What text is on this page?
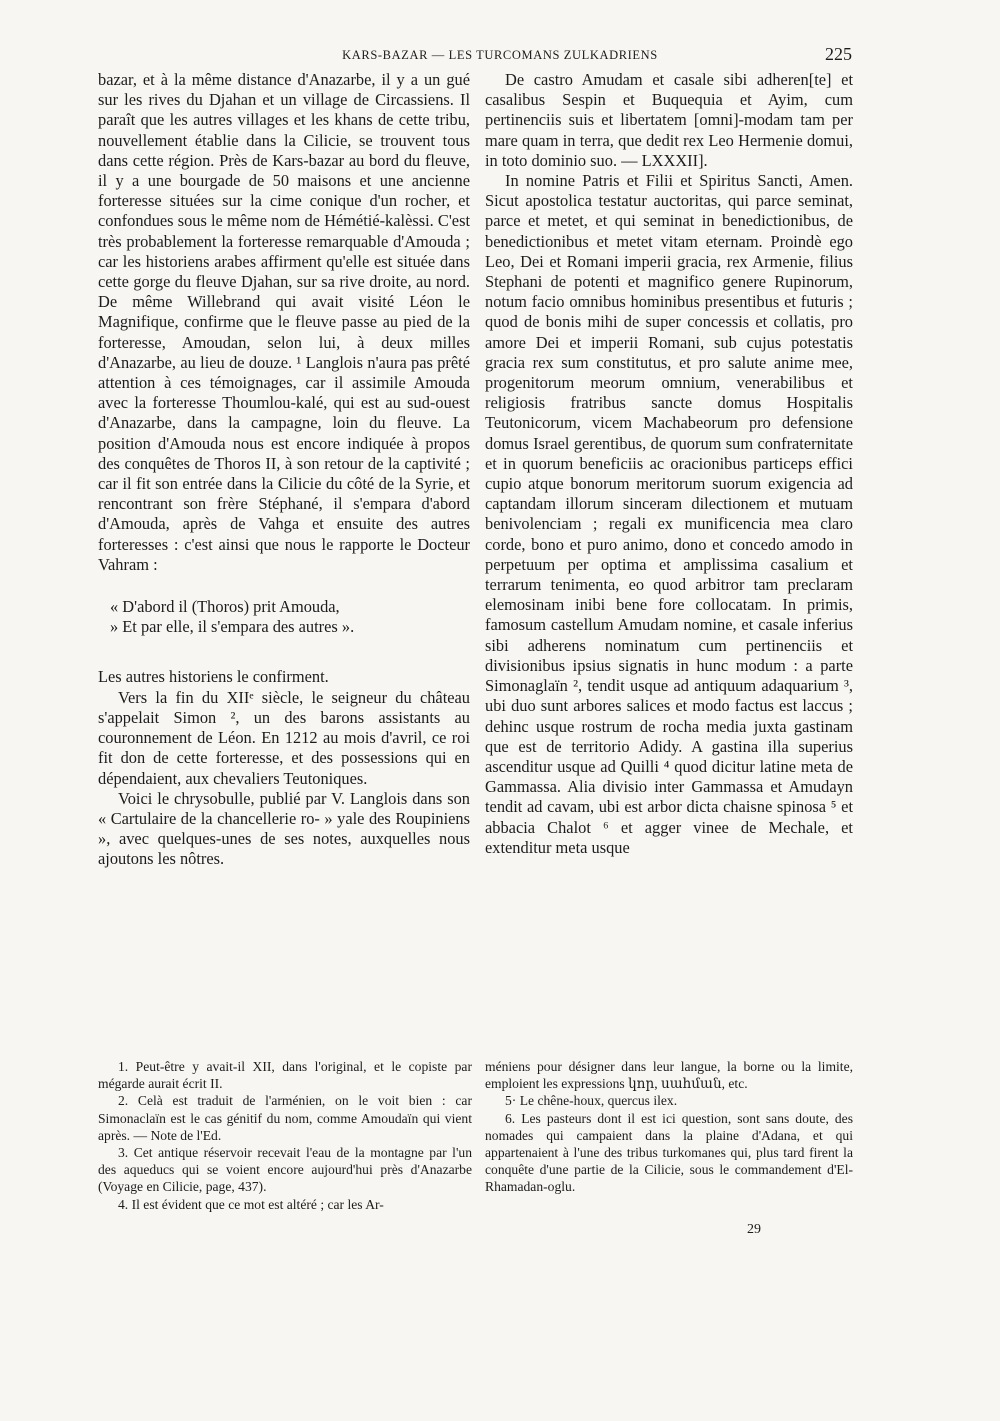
KARS-BAZAR — LES TURCOMANS ZULKADRIENS	225

bazar, et à la même distance d'Anazarbe, il y a un gué sur les rives du Djahan et un village de Circassiens. Il paraît que les autres villages et les khans de cette tribu, nouvellement établie dans la Cilicie, se trouvent tous dans cette région. Près de Kars-bazar au bord du fleuve, il y a une bourgade de 50 maisons et une ancienne forteresse situées sur la cime conique d'un rocher, et confondues sous le même nom de Hémétié-kalèssi. C'est très probablement la forteresse remarquable d'Amouda ; car les historiens arabes affirment qu'elle est située dans cette gorge du fleuve Djahan, sur sa rive droite, au nord. De même Willebrand qui avait visité Léon le Magnifique, confirme que le fleuve passe au pied de la forteresse, Amoudan, selon lui, à deux milles d'Anazarbe, au lieu de douze. ¹ Langlois n'aura pas prêté attention à ces témoignages, car il assimile Amouda avec la forteresse Thoumlou-kalé, qui est au sud-ouest d'Anazarbe, dans la campagne, loin du fleuve. La position d'Amouda nous est encore indiquée à propos des conquêtes de Thoros II, à son retour de la captivité ; car il fit son entrée dans la Cilicie du côté de la Syrie, et rencontrant son frère Stéphané, il s'empara d'abord d'Amouda, après de Vahga et ensuite des autres forteresses : c'est ainsi que nous le rapporte le Docteur Vahram :

« D'abord il (Thoros) prit Amouda,

» Et par elle, il s'empara des autres ».

Les autres historiens le confirment.

Vers la fin du XIIᵉ siècle, le seigneur du château s'appelait Simon ², un des barons assistants au couronnement de Léon. En 1212 au mois d'avril, ce roi fit don de cette forteresse, et des possessions qui en dépendaient, aux chevaliers Teutoniques.

Voici le chrysobulle, publié par V. Langlois dans son « Cartulaire de la chancellerie ro- » yale des Roupiniens », avec quelques-unes de ses notes, auxquelles nous ajoutons les nôtres.

De castro Amudam et casale sibi adheren[te] et casalibus Sespin et Buquequia et Ayim, cum pertinenciis suis et libertatem [omni]-modam tam per mare quam in terra, que dedit rex Leo Hermenie domui, in toto dominio suo. — LXXXII].

In nomine Patris et Filii et Spiritus Sancti, Amen. Sicut apostolica testatur auctoritas, qui parce seminat, parce et metet, et qui seminat in benedictionibus, de benedictionibus et metet vitam eternam. Proindè ego Leo, Dei et Romani imperii gracia, rex Armenie, filius Stephani de potenti et magnifico genere Rupinorum, notum facio omnibus hominibus presentibus et futuris ; quod de bonis mihi de super concessis et collatis, pro amore Dei et imperii Romani, sub cujus potestatis gracia rex sum constitutus, et pro salute anime mee, progenitorum meorum omnium, venerabilibus et religiosis fratribus sancte domus Hospitalis Teutonicorum, vicem Machabeorum pro defensione domus Israel gerentibus, de quorum sum confraternitate et in quorum beneficiis ac oracionibus particeps effici cupio atque bonorum meritorum suorum exigencia ad captandam illorum sinceram dilectionem et mutuam benivolenciam ; regali ex munificencia mea claro corde, bono et puro animo, dono et concedo amodo in perpetuum per optima et amplissima casalium et terrarum tenimenta, eo quod arbitror tam preclaram elemosinam inibi bene fore collocatam. In primis, famosum castellum Amudam nomine, et casale inferius sibi adherens nominatum cum pertinenciis et divisionibus ipsius signatis in hunc modum : a parte Simonaglaïn ², tendit usque ad antiquum adaquarium ³, ubi duo sunt arbores salices et modo factus est laccus ; dehinc usque rostrum de rocha media juxta gastinam que est de territorio Adidy. A gastina illa superius ascenditur usque ad Quilli ⁴ quod dicitur latine meta de Gammassa. Alia divisio inter Gammassa et Amudayn tendit ad cavam, ubi est arbor dicta chaisne spinosa ⁵ et abbacia Chalot ⁶ et agger vinee de Mechale, et extenditur meta usque

1. Peut-être y avait-il XII, dans l'original, et le copiste par mégarde aurait écrit II.

2. Celà est traduit de l'arménien, on le voit bien : car Simonaclaïn est le cas génitif du nom, comme Amoudaïn qui vient après. — Note de l'Ed.

3. Cet antique réservoir recevait l'eau de la montagne par l'un des aqueducs qui se voient encore aujourd'hui près d'Anazarbe (Voyage en Cilicie, page, 437).

4. Il est évident que ce mot est altéré ; car les Ar-

méniens pour désigner dans leur langue, la borne ou la limite, emploient les expressions կոր, սահման, etc.

5· Le chêne-houx, quercus ilex.

6. Les pasteurs dont il est ici question, sont sans doute, des nomades qui campaient dans la plaine d'Adana, et qui appartenaient à l'une des tribus turkomanes qui, plus tard firent la conquête d'une partie de la Cilicie, sous le commandement d'El-Rhamadan-oglu.

29
